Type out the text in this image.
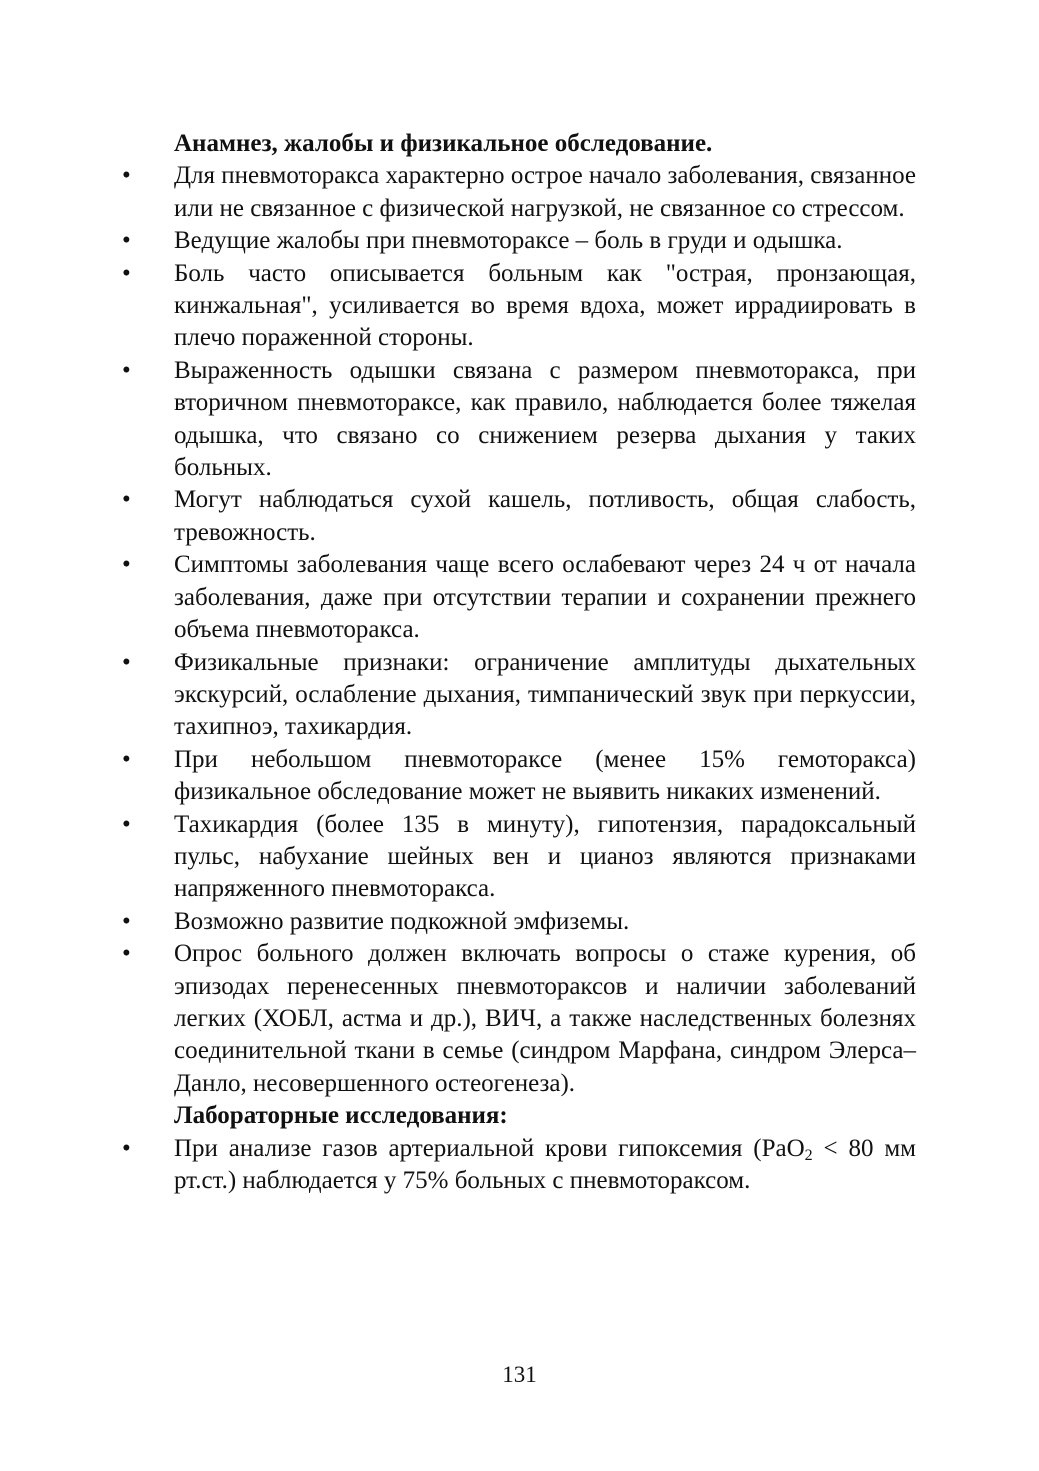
Анамнез, жалобы и физикальное обследование.

• Для пневмоторакса характерно острое начало заболевания, связанное или не связанное с физической нагрузкой, не связанное со стрессом.
• Ведущие жалобы при пневмотораксе – боль в груди и одышка.
• Боль часто описывается больным как "острая, пронзающая, кинжальная", усиливается во время вдоха, может иррадиировать в плечо пораженной стороны.
• Выраженность одышки связана с размером пневмоторакса, при вторичном пневмотораксе, как правило, наблюдается более тяжелая одышка, что связано со снижением резерва дыхания у таких больных.
• Могут наблюдаться сухой кашель, потливость, общая слабость, тревожность.
• Симптомы заболевания чаще всего ослабевают через 24 ч от начала заболевания, даже при отсутствии терапии и сохранении прежнего объема пневмоторакса.
• Физикальные признаки: ограничение амплитуды дыхательных экскурсий, ослабление дыхания, тимпанический звук при перкуссии, тахипноэ, тахикардия.
• При небольшом пневмотораксе (менее 15% гемоторакса) физикальное обследование может не выявить никаких изменений.
• Тахикардия (более 135 в минуту), гипотензия, парадоксальный пульс, набухание шейных вен и цианоз являются признаками напряженного пневмоторакса.
• Возможно развитие подкожной эмфиземы.
• Опрос больного должен включать вопросы о стаже курения, об эпизодах перенесенных пневмотораксов и наличии заболеваний легких (ХОБЛ, астма и др.), ВИЧ, а также наследственных болезнях соединительной ткани в семье (синдром Марфана, синдром Элерса–Данло, несовершенного остеогенеза).

Лабораторные исследования:

• При анализе газов артериальной крови гипоксемия (PaO$_2$ < 80 мм рт.ст.) наблюдается у 75% больных с пневмотораксом.
131
